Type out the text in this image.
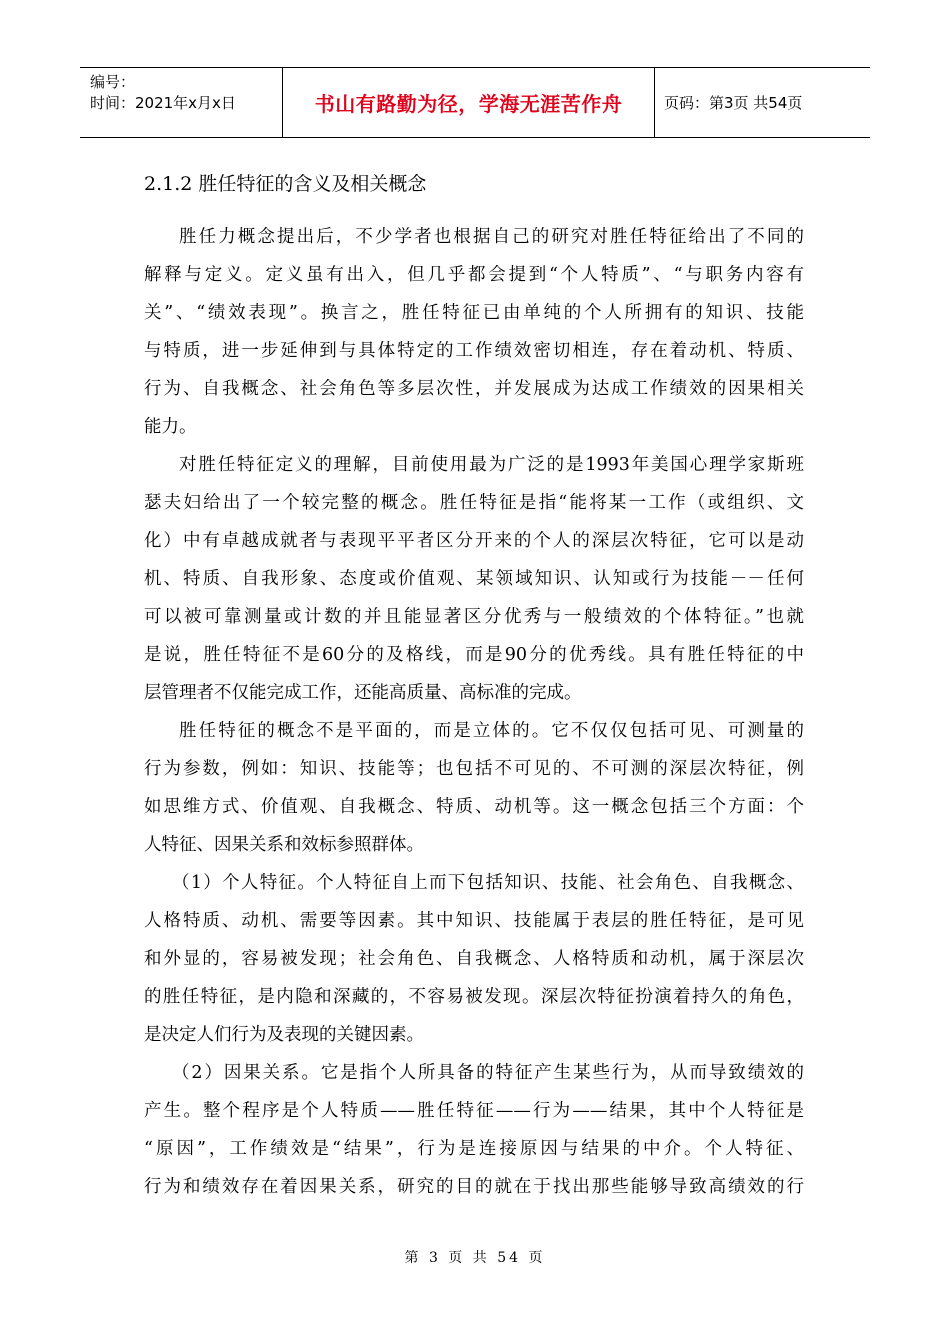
编号：
时间：2021年x月x日	书山有路勤为径，学海无涯苦作舟	页码：第3页 共54页
2.1.2 胜任特征的含义及相关概念
胜任力概念提出后，不少学者也根据自己的研究对胜任特征给出了不同的
解释与定义。定义虽有出入，但几乎都会提到“个人特质”、“与职务内容有
关”、“绩效表现”。换言之，胜任特征已由单纯的个人所拥有的知识、技能
与特质，进一步延伸到与具体特定的工作绩效密切相连，存在着动机、特质、
行为、自我概念、社会角色等多层次性，并发展成为达成工作绩效的因果相关
能力。
对胜任特征定义的理解，目前使用最为广泛的是1993年美国心理学家斯班
瑟夫妇给出了一个较完整的概念。胜任特征是指“能将某一工作（或组织、文
化）中有卓越成就者与表现平平者区分开来的个人的深层次特征，它可以是动
机、特质、自我形象、态度或价值观、某领域知识、认知或行为技能－－任何
可以被可靠测量或计数的并且能显著区分优秀与一般绩效的个体特征。”也就
是说，胜任特征不是60分的及格线，而是90分的优秀线。具有胜任特征的中
层管理者不仅能完成工作，还能高质量、高标准的完成。
胜任特征的概念不是平面的，而是立体的。它不仅仅包括可见、可测量的
行为参数，例如：知识、技能等；也包括不可见的、不可测的深层次特征，例
如思维方式、价值观、自我概念、特质、动机等。这一概念包括三个方面：个
人特征、因果关系和效标参照群体。
（1）个人特征。个人特征自上而下包括知识、技能、社会角色、自我概念、
人格特质、动机、需要等因素。其中知识、技能属于表层的胜任特征，是可见
和外显的，容易被发现；社会角色、自我概念、人格特质和动机，属于深层次
的胜任特征，是内隐和深藏的，不容易被发现。深层次特征扮演着持久的角色，
是决定人们行为及表现的关键因素。
（2）因果关系。它是指个人所具备的特征产生某些行为，从而导致绩效的
产生。整个程序是个人特质——胜任特征——行为——结果，其中个人特征是
“原因”，工作绩效是“结果”，行为是连接原因与结果的中介。个人特征、
行为和绩效存在着因果关系，研究的目的就在于找出那些能够导致高绩效的行
第 3 页 共 54 页
